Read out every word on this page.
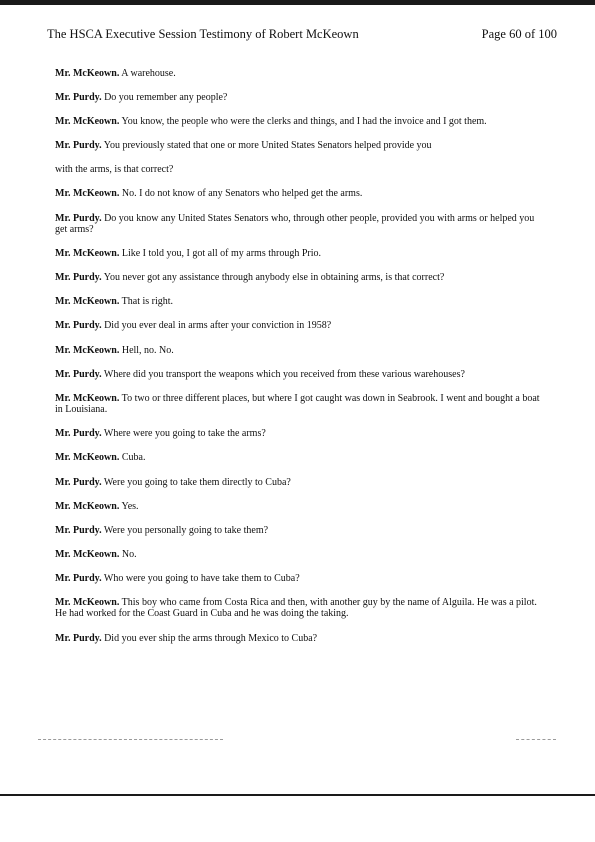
The HSCA Executive Session Testimony of Robert McKeown	Page 60 of 100

Mr. McKeown. A warehouse.

Mr. Purdy. Do you remember any people?

Mr. McKeown. You know, the people who were the clerks and things, and I had the invoice and I got them.

Mr. Purdy. You previously stated that one or more United States Senators helped provide you

with the arms, is that correct?

Mr. McKeown. No. I do not know of any Senators who helped get the arms.

Mr. Purdy. Do you know any United States Senators who, through other people, provided you with arms or helped you get arms?

Mr. McKeown. Like I told you, I got all of my arms through Prio.

Mr. Purdy. You never got any assistance through anybody else in obtaining arms, is that correct?

Mr. McKeown. That is right.

Mr. Purdy. Did you ever deal in arms after your conviction in 1958?

Mr. McKeown. Hell, no. No.

Mr. Purdy. Where did you transport the weapons which you received from these various warehouses?

Mr. McKeown. To two or three different places, but where I got caught was down in Seabrook. I went and bought a boat in Louisiana.

Mr. Purdy. Where were you going to take the arms?

Mr. McKeown. Cuba.

Mr. Purdy. Were you going to take them directly to Cuba?

Mr. McKeown. Yes.

Mr. Purdy. Were you personally going to take them?

Mr. McKeown. No.

Mr. Purdy. Who were you going to have take them to Cuba?

Mr. McKeown. This boy who came from Costa Rica and then, with another guy by the name of Alguila. He was a pilot. He had worked for the Coast Guard in Cuba and he was doing the taking.

Mr. Purdy. Did you ever ship the arms through Mexico to Cuba?
